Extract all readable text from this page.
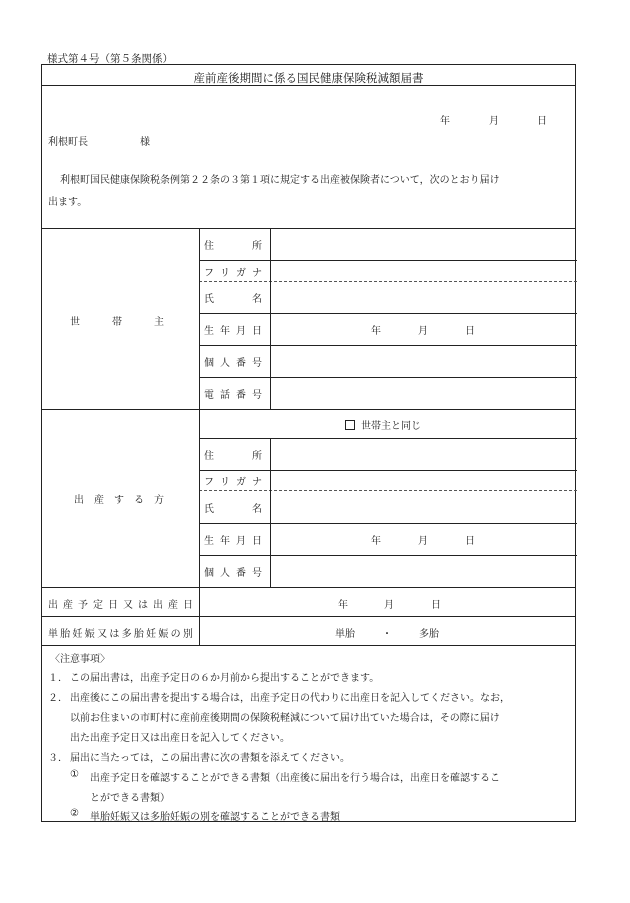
様式第４号（第５条関係）
産前産後期間に係る国民健康保険税減額届書
年	月	日
利根町長	様
利根町国民健康保険税条例第２２条の３第１項に規定する出産被保険者について，次のとおり届け
出ます。
世	帯	主
住	所
フ リ ガ ナ
氏	名
生 年 月 日	年	月	日
個 人 番 号
電 話 番 号
出 産 す る 方
世帯主と同じ
住	所
フ リ ガ ナ
氏	名
生 年 月 日	年	月	日
個 人 番 号
出 産 予 定 日 又 は 出 産 日	年	月	日
単 胎 妊 娠 又 は 多 胎 妊 娠 の 別	単胎	・	多胎
〈注意事項〉
１． この届出書は，出産予定日の６か月前から提出することができます。
２． 出産後にこの届出書を提出する場合は，出産予定日の代わりに出産日を記入してください。なお，
以前お住まいの市町村に産前産後期間の保険税軽減について届け出ていた場合は，その際に届け
出た出産予定日又は出産日を記入してください。
３． 届出に当たっては，この届出書に次の書類を添えてください。
① 出産予定日を確認することができる書類（出産後に届出を行う場合は，出産日を確認するこ
とができる書類）
② 単胎妊娠又は多胎妊娠の別を確認することができる書類
